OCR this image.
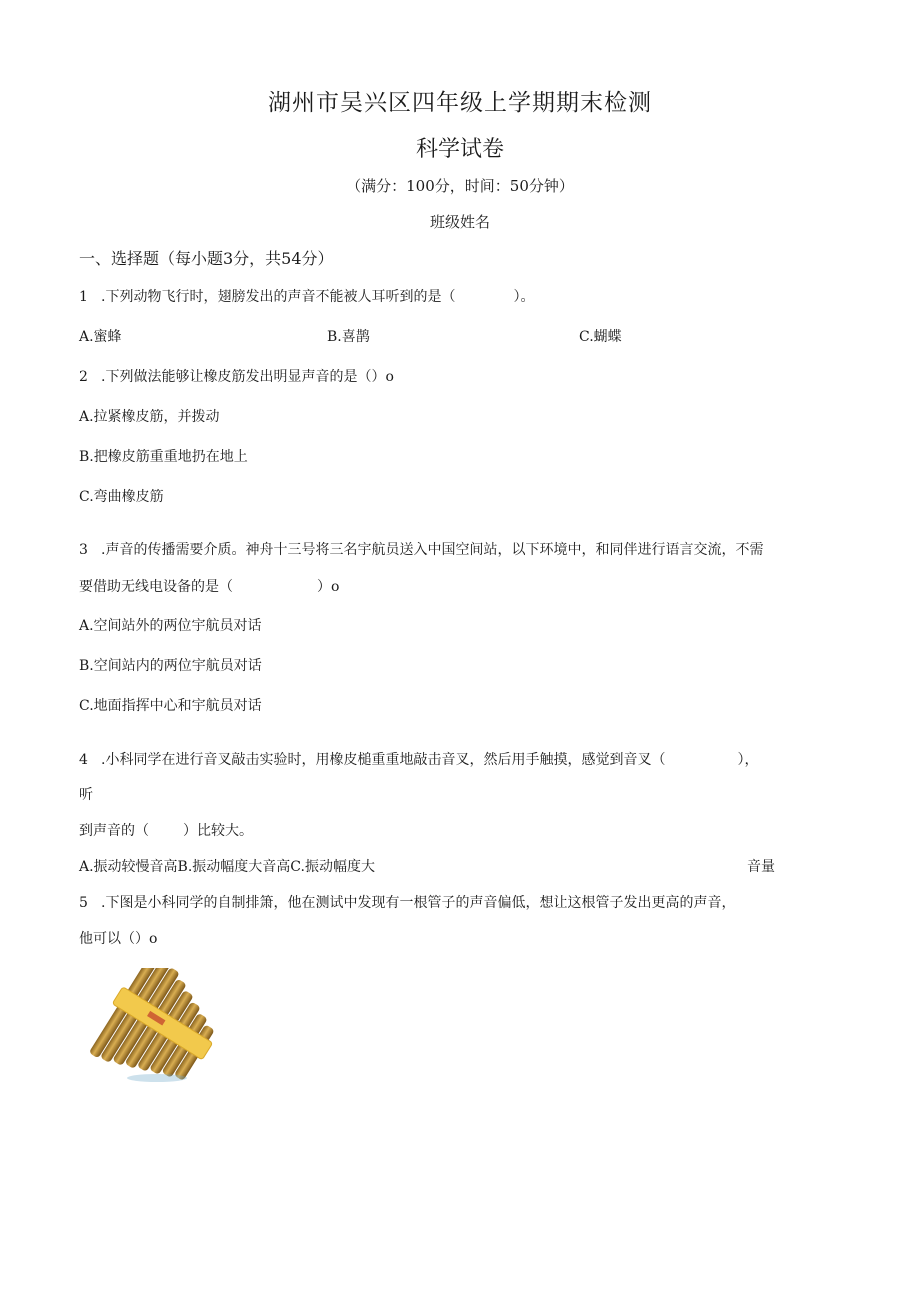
湖州市吴兴区四年级上学期期末检测
科学试卷
（满分：100分，时间：50分钟）
班级姓名
一、选择题（每小题3分，共54分）
1 .下列动物飞行时，翅膀发出的声音不能被人耳听到的是（	）。
A.蜜蜂	B.喜鹊	C.蝴蝶
2 .下列做法能够让橡皮筋发出明显声音的是（）o
A.拉紧橡皮筋，并拨动
B.把橡皮筋重重地扔在地上
C.弯曲橡皮筋
3 .声音的传播需要介质。神舟十三号将三名宇航员送入中国空间站，以下环境中，和同伴进行语言交流，不需
要借助无线电设备的是（	）o
A.空间站外的两位宇航员对话
B.空间站内的两位宇航员对话
C.地面指挥中心和宇航员对话
4 .小科同学在进行音叉敲击实验时，用橡皮槌重重地敲击音叉，然后用手触摸，感觉到音叉（	），
听
到声音的（ ）比较大。
A.振动较慢音高B.振动幅度大音高C.振动幅度大	音量
5 .下图是小科同学的自制排箫，他在测试中发现有一根管子的声音偏低，想让这根管子发出更高的声音，
他可以（）o
